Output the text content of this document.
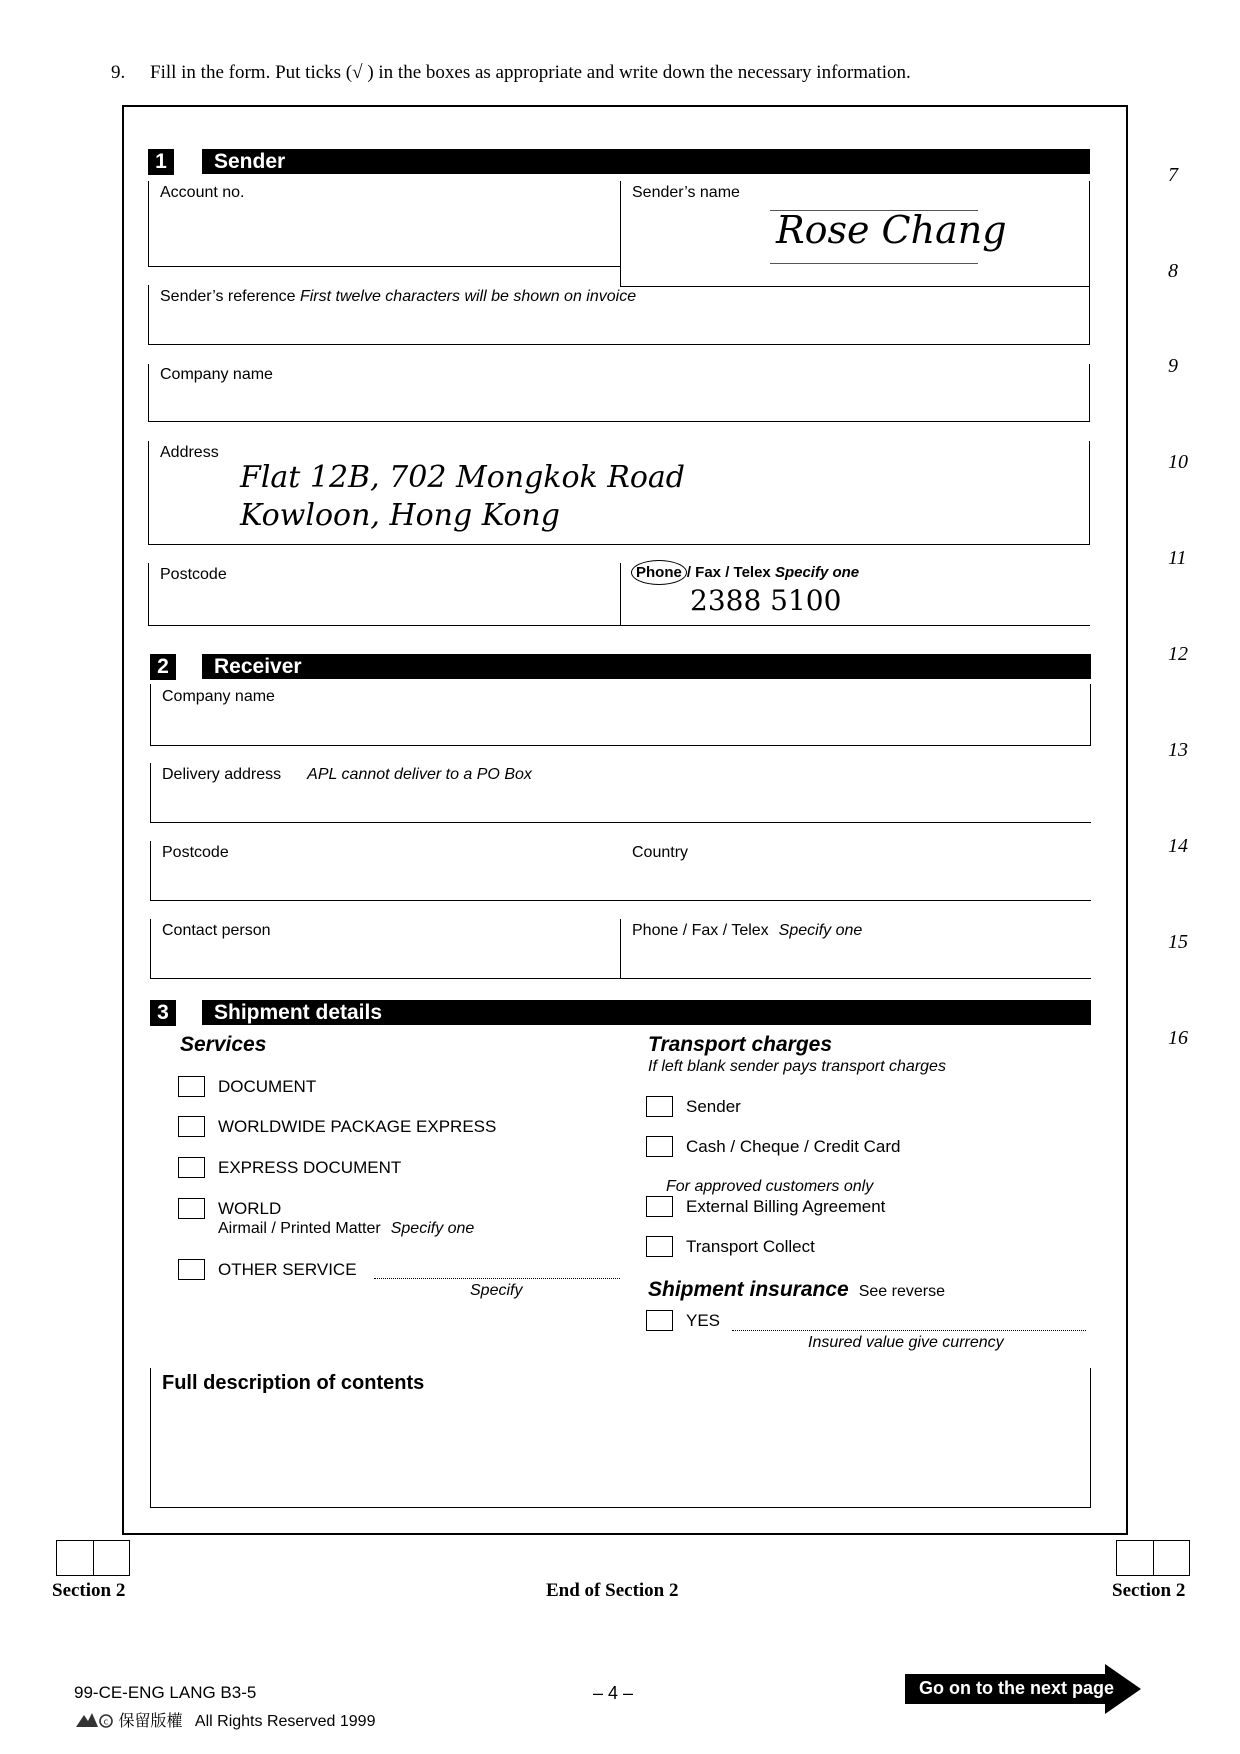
9. Fill in the form. Put ticks (√ ) in the boxes as appropriate and write down the necessary information.
7
8
9
10
11
12
13
14
15
16
1	Sender
Account no.	Sender’s name
Rose Chang
Sender’s reference First twelve characters will be shown on invoice
Company name
Address
Flat 12B, 702 Mongkok Road
Kowloon, Hong Kong
Postcode	Phone / Fax / Telex Specify one
2388 5100
2	Receiver
Company name
Delivery address APL cannot deliver to a PO Box
Postcode	Country
Contact person	Phone / Fax / Telex Specify one
3	Shipment details
Services
DOCUMENT
WORLDWIDE PACKAGE EXPRESS
EXPRESS DOCUMENT
WORLD
Airmail / Printed Matter Specify one
OTHER SERVICE
Specify
Transport charges
If left blank sender pays transport charges
Sender
Cash / Cheque / Credit Card
For approved customers only
External Billing Agreement
Transport Collect
Shipment insurance See reverse
YES
Insured value give currency
Full description of contents
Section 2	End of Section 2	Section 2
99-CE-ENG LANG B3-5
c 保留版權 All Rights Reserved 1999
– 4 –	Go on to the next page
